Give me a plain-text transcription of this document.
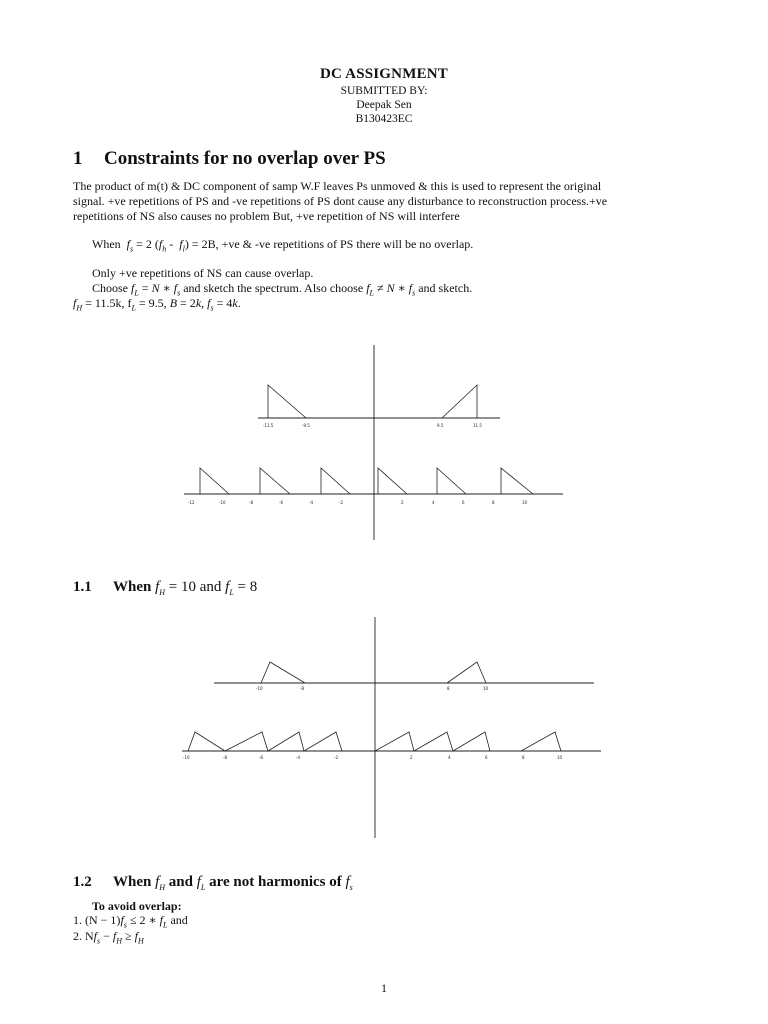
DC ASSIGNMENT
SUBMITTED BY:
Deepak Sen
B130423EC
1 Constraints for no overlap over PS
The product of m(t) & DC component of samp W.F leaves Ps unmoved & this is used to represent the original
signal. +ve repetitions of PS and -ve repetitions of PS dont cause any disturbance to reconstruction process.+ve
repetitions of NS also causes no problem But, +ve repetition of NS will interfere
When $f_s = 2$ $(f_h - f_l) = 2B$, +ve & -ve repetitions of PS there will be no overlap.
Only +ve repetitions of NS can cause overlap.
Choose $f_L = N$ ∗ $f_s$ and sketch the spectrum. Also choose $f_L \ne N$ ∗ $f_s$ and sketch.
$f_H = 11.5k$, $f_L = 9.5$, B = 2k, $f_s = 4k$.
-11.5	-9.5	9.5	11.5
-12	-10	-8	-6	-4	-2	2	4	6	8	10
-10	-8	8	10
-10	-8	-6	-4	-2	2	4	6	8	10
1.1 When $f_H = 10$ and $f_L = 8$
1.2 When $f_H$ and $f_L$ are not harmonics of $f_s$
To avoid overlap:
1. $(N - 1)f_s \le 2$ ∗ $f_L$ and
2. $Nf_s - f_H \ge f_H$
1
